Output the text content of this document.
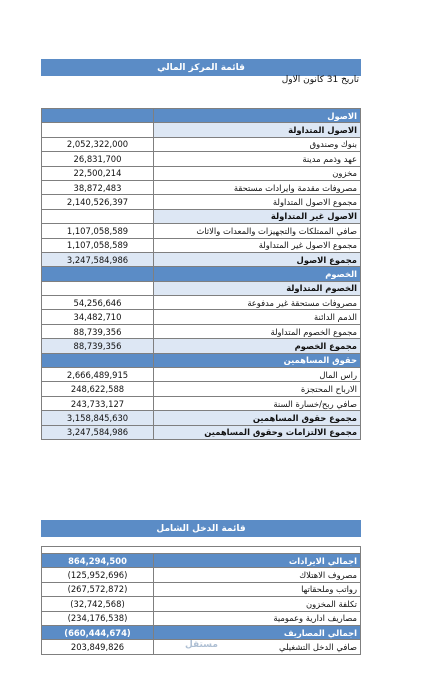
قائمة المركز المالي
تاريخ 31 كانون الاول
	الاصول
	الاصول المتداولة
2,052,322,000	بنوك وصندوق
26,831,700	عهد وذمم مدينة
22,500,214	مخزون
38,872,483	مصروفات مقدمة وايرادات مستحقة
2,140,526,397	مجموع الاصول المتداولة
	الاصول غير المتداولة
1,107,058,589	صافي الممتلكات والتجهيزات والمعدات والاثاث
1,107,058,589	مجموع الاصول غير المتداولة
3,247,584,986	مجموع الاصول
	الخصوم
	الخصوم المتداولة
54,256,646	مصروفات مستحقة غير مدفوعة
34,482,710	الذمم الدائنة
88,739,356	مجموع الخصوم المتداولة
88,739,356	مجموع الخصوم
	حقوق المساهمين
2,666,489,915	راس المال
248,622,588	الارباح المحتجزة
243,733,127	صافي ربح/خسارة السنة
3,158,845,630	مجموع حقوق المساهمين
3,247,584,986	مجموع الالتزامات وحقوق المساهمين
قائمة الدخل الشامل
864,294,500	اجمالي الايرادات
(125,952,696)	مصروف الاهتلاك
(267,572,872)	رواتب وملحقاتها
(32,742,568)	تكلفة المخزون
(234,176,538)	مصاريف ادارية وعمومية
(660,444,674)	اجمالي المصاريف
203,849,826	صافي الدخل التشغيلي
مستقل
